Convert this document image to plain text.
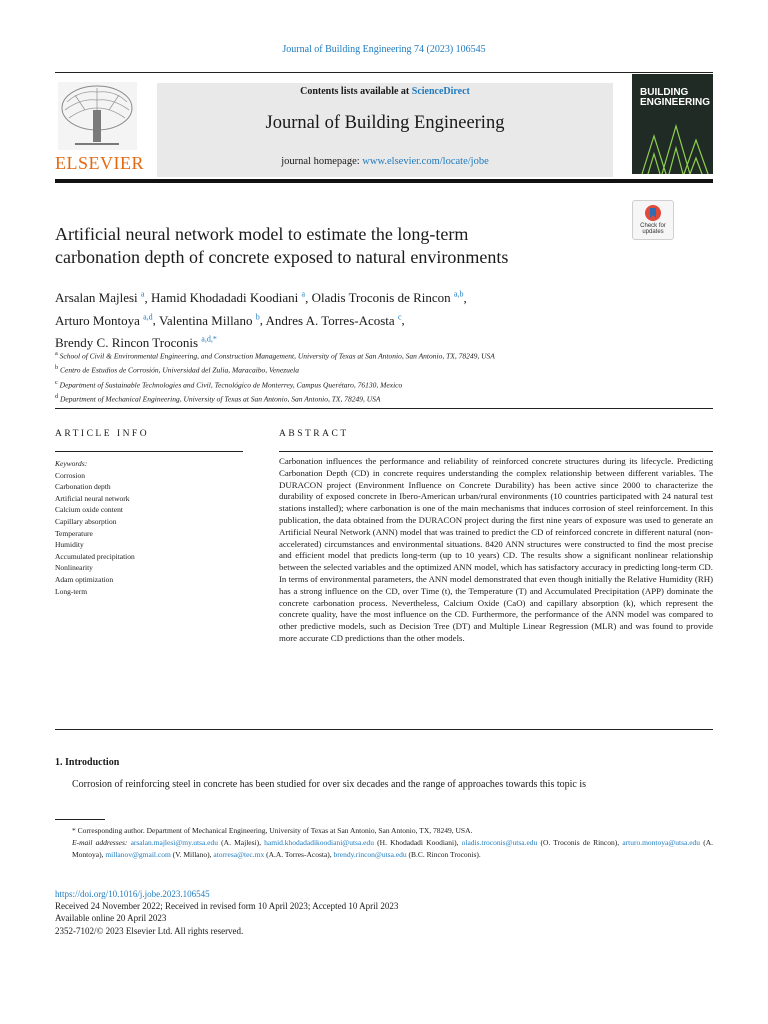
Journal of Building Engineering 74 (2023) 106545
ELSEVIER
Contents lists available at ScienceDirect
Journal of Building Engineering
journal homepage: www.elsevier.com/locate/jobe
BUILDING
ENGINEERING
Check for
updates
Artificial neural network model to estimate the long-term
carbonation depth of concrete exposed to natural environments
Arsalan Majlesi $^a$, Hamid Khodadadi Koodiani $^a$, Oladis Troconis de Rincon $^{a,b}$,
Arturo Montoya $^{a,d}$, Valentina Millano $^b$, Andres A. Torres-Acosta $^c$,
Brendy C. Rincon Troconis $^{a,d,*}$
$^a$ School of Civil & Environmental Engineering, and Construction Management, University of Texas at San Antonio, San Antonio, TX, 78249, USA
$^b$ Centro de Estudios de Corrosión, Universidad del Zulia, Maracaibo, Venezuela
$^c$ Department of Sustainable Technologies and Civil, Tecnológico de Monterrey, Campus Querétaro, 76130, Mexico
$^d$ Department of Mechanical Engineering, University of Texas at San Antonio, San Antonio, TX, 78249, USA
ARTICLE INFO
Keywords:
Corrosion
Carbonation depth
Artificial neural network
Calcium oxide content
Capillary absorption
Temperature
Humidity
Accumulated precipitation
Nonlinearity
Adam optimization
Long-term
ABSTRACT
Carbonation influences the performance and reliability of reinforced concrete structures during its lifecycle. Predicting Carbonation Depth (CD) in concrete requires understanding the complex relationship between different variables. The DURACON project (Environment Influence on Concrete Durability) has been active since 2000 to characterize the durability of exposed concrete in Ibero-American urban/rural environments (10 countries participated with 24 natural test stations installed); where carbonation is one of the main mechanisms that induces corrosion of steel reinforcement. In this publication, the data obtained from the DURACON project during the first nine years of exposure was used to generate an Artificial Neural Network (ANN) model that was trained to predict the CD of reinforced concrete in different natural (non-accelerated) circumstances and environmental situations. 8420 ANN structures were constructed to find the most precise and efficient model that predicts long-term (up to 10 years) CD. The results show a significant nonlinear relationship between the selected variables and the optimized ANN model, which has satisfactory accuracy in predicting long-term CD. In terms of environmental parameters, the ANN model demonstrated that even though initially the Relative Humidity (RH) has a strong influence on the CD, over Time (t), the Temperature (T) and Accumulated Precipitation (APP) dominate the concrete carbonation process. Nevertheless, Calcium Oxide (CaO) and capillary absorption (k), which represent the concrete quality, have the most influence on the CD. Furthermore, the performance of the ANN model was compared to other predictive models, such as Decision Tree (DT) and Multiple Linear Regression (MLR) and was found to provide more accurate CD predictions than the other models.
1. Introduction
Corrosion of reinforcing steel in concrete has been studied for over six decades and the range of approaches towards this topic is

* Corresponding author. Department of Mechanical Engineering, University of Texas at San Antonio, San Antonio, TX, 78249, USA.

E-mail addresses: arsalan.majlesi@my.utsa.edu (A. Majlesi), hamid.khodadadikoodiani@utsa.edu (H. Khodadadi Koodiani), oladis.troconis@utsa.edu (O. Troconis de Rincon), arturo.montoya@utsa.edu (A. Montoya), millanov@gmail.com (V. Millano), atorresa@tec.mx (A.A. Torres-Acosta), brendy.rincon@utsa.edu (B.C. Rincon Troconis).

https://doi.org/10.1016/j.jobe.2023.106545
Received 24 November 2022; Received in revised form 10 April 2023; Accepted 10 April 2023
Available online 20 April 2023
2352-7102/© 2023 Elsevier Ltd. All rights reserved.
